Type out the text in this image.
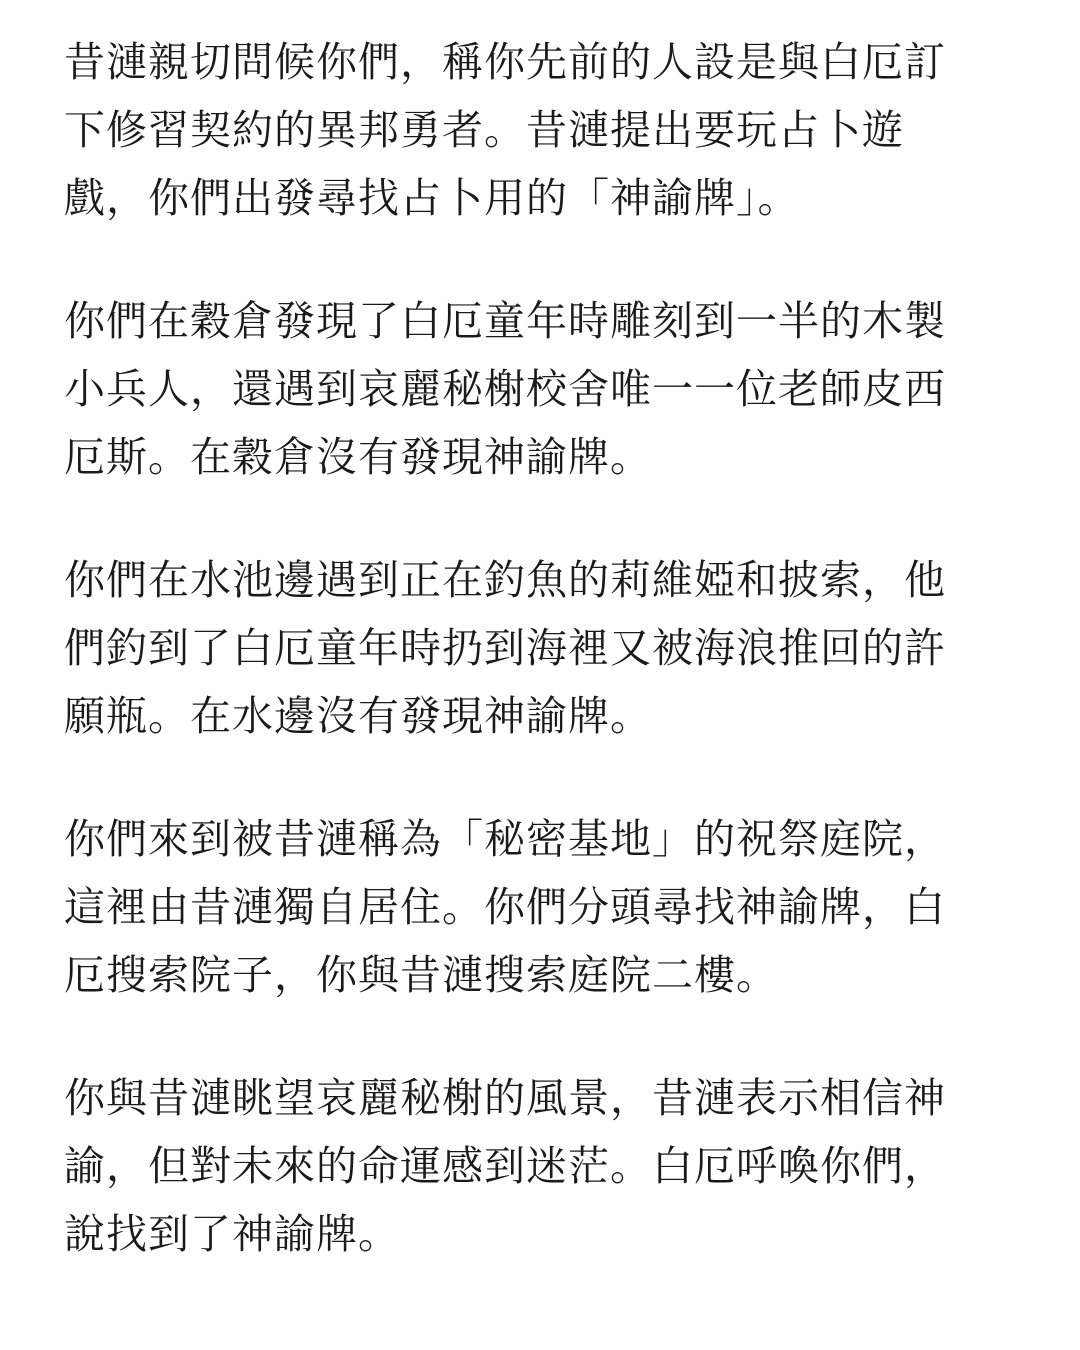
昔漣親切問候你們，稱你先前的人設是與白厄訂
下修習契約的異邦勇者。昔漣提出要玩占卜遊
戲，你們出發尋找占卜用的「神諭牌」。
你們在穀倉發現了白厄童年時雕刻到一半的木製
小兵人，還遇到哀麗秘榭校舍唯一一位老師皮西
厄斯。在穀倉沒有發現神諭牌。
你們在水池邊遇到正在釣魚的莉維婭和披索，他
們釣到了白厄童年時扔到海裡又被海浪推回的許
願瓶。在水邊沒有發現神諭牌。
你們來到被昔漣稱為「秘密基地」的祝祭庭院，
這裡由昔漣獨自居住。你們分頭尋找神諭牌，白
厄搜索院子，你與昔漣搜索庭院二樓。
你與昔漣眺望哀麗秘榭的風景，昔漣表示相信神
諭，但對未來的命運感到迷茫。白厄呼喚你們，
說找到了神諭牌。
